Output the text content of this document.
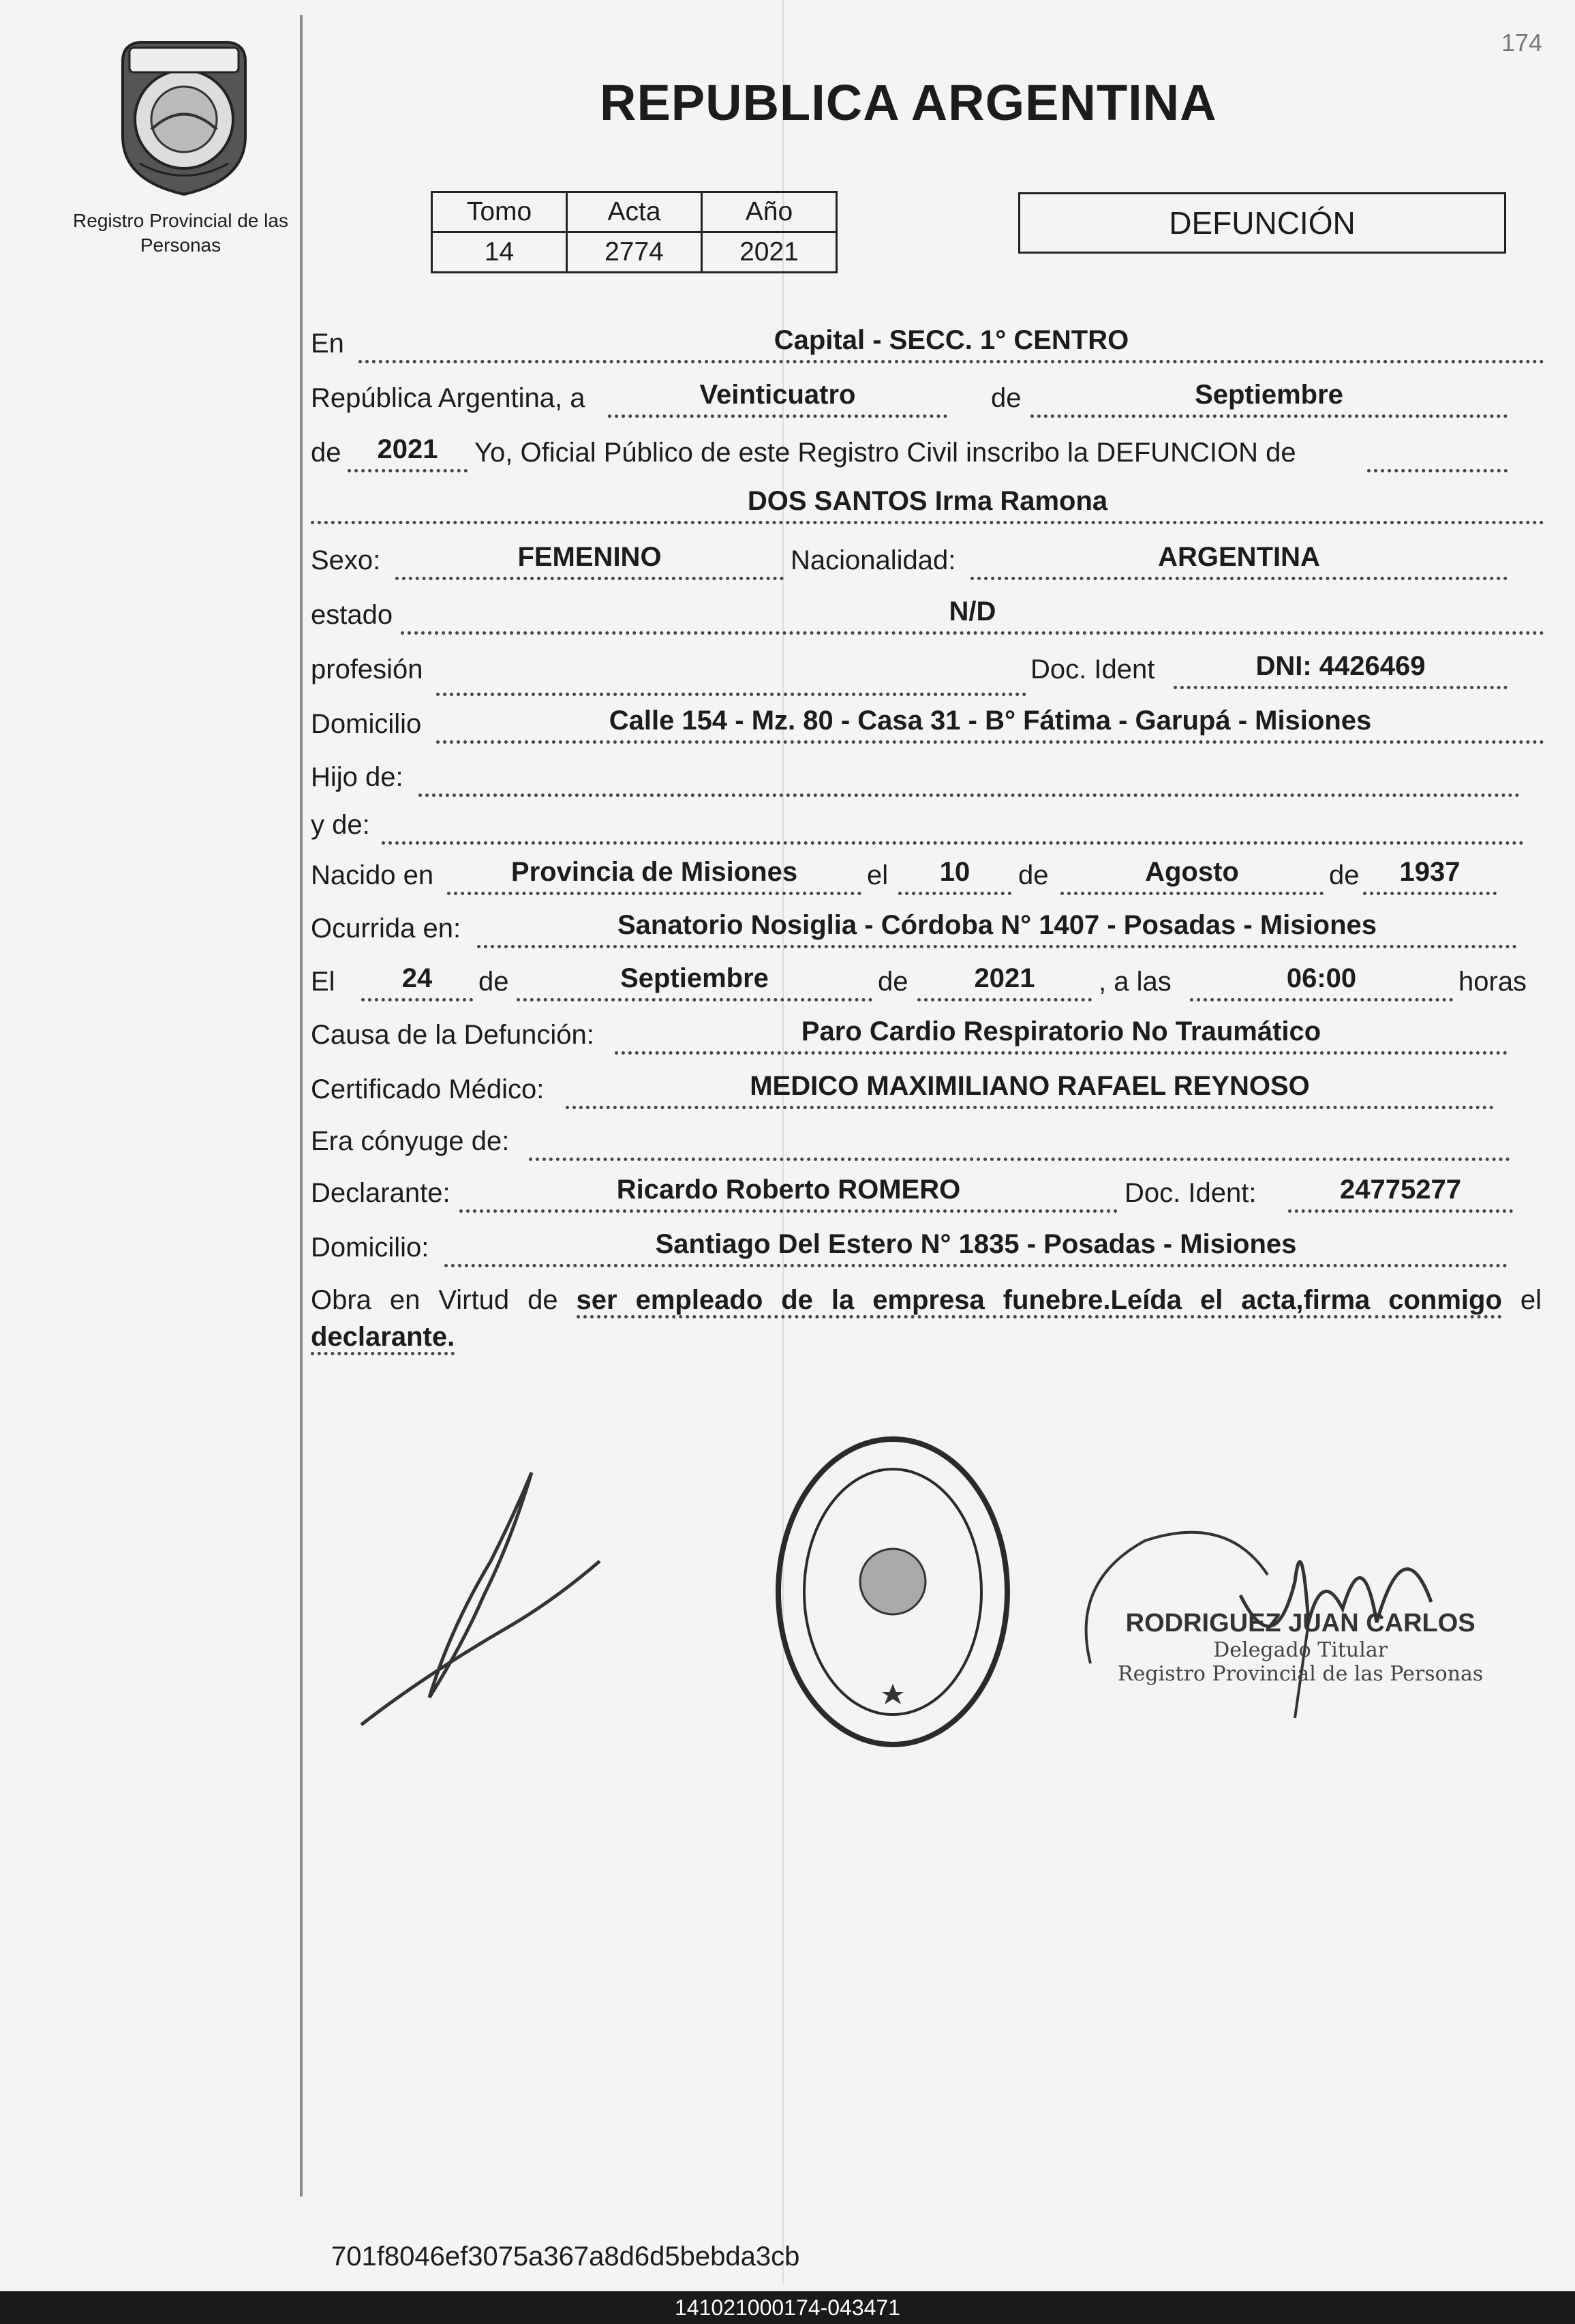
174
Registro Provincial de las Personas
REPUBLICA ARGENTINA
Tomo	Acta	Año
14	2774	2021
DEFUNCIÓN
En	Capital - SECC. 1° CENTRO
República Argentina, a	Veinticuatro	de	Septiembre
de	2021	Yo, Oficial Público de este Registro Civil inscribo la DEFUNCION de
DOS SANTOS Irma Ramona
Sexo:	FEMENINO	Nacionalidad:	ARGENTINA
estado	N/D
profesión	Doc. Ident	DNI: 4426469
Domicilio	Calle 154 - Mz. 80 - Casa 31 - B° Fátima - Garupá - Misiones
Hijo de:
y de:
Nacido en	Provincia de Misiones	el	10	de	Agosto	de	1937
Ocurrida en:	Sanatorio Nosiglia - Córdoba N° 1407 - Posadas - Misiones
El	24	de	Septiembre	de	2021	, a las	06:00	horas
Causa de la Defunción:	Paro Cardio Respiratorio No Traumático
Certificado Médico:	MEDICO MAXIMILIANO RAFAEL REYNOSO
Era cónyuge de:
Declarante:	Ricardo Roberto ROMERO	Doc. Ident:	24775277
Domicilio:	Santiago Del Estero N° 1835 - Posadas - Misiones
Obra en Virtud de ser empleado de la empresa funebre.Leída el acta,firma conmigo el declarante.
RODRIGUEZ JUAN CARLOS
Delegado Titular
Registro Provincial de las Personas
701f8046ef3075a367a8d6d5bebda3cb
141021000174-043471
